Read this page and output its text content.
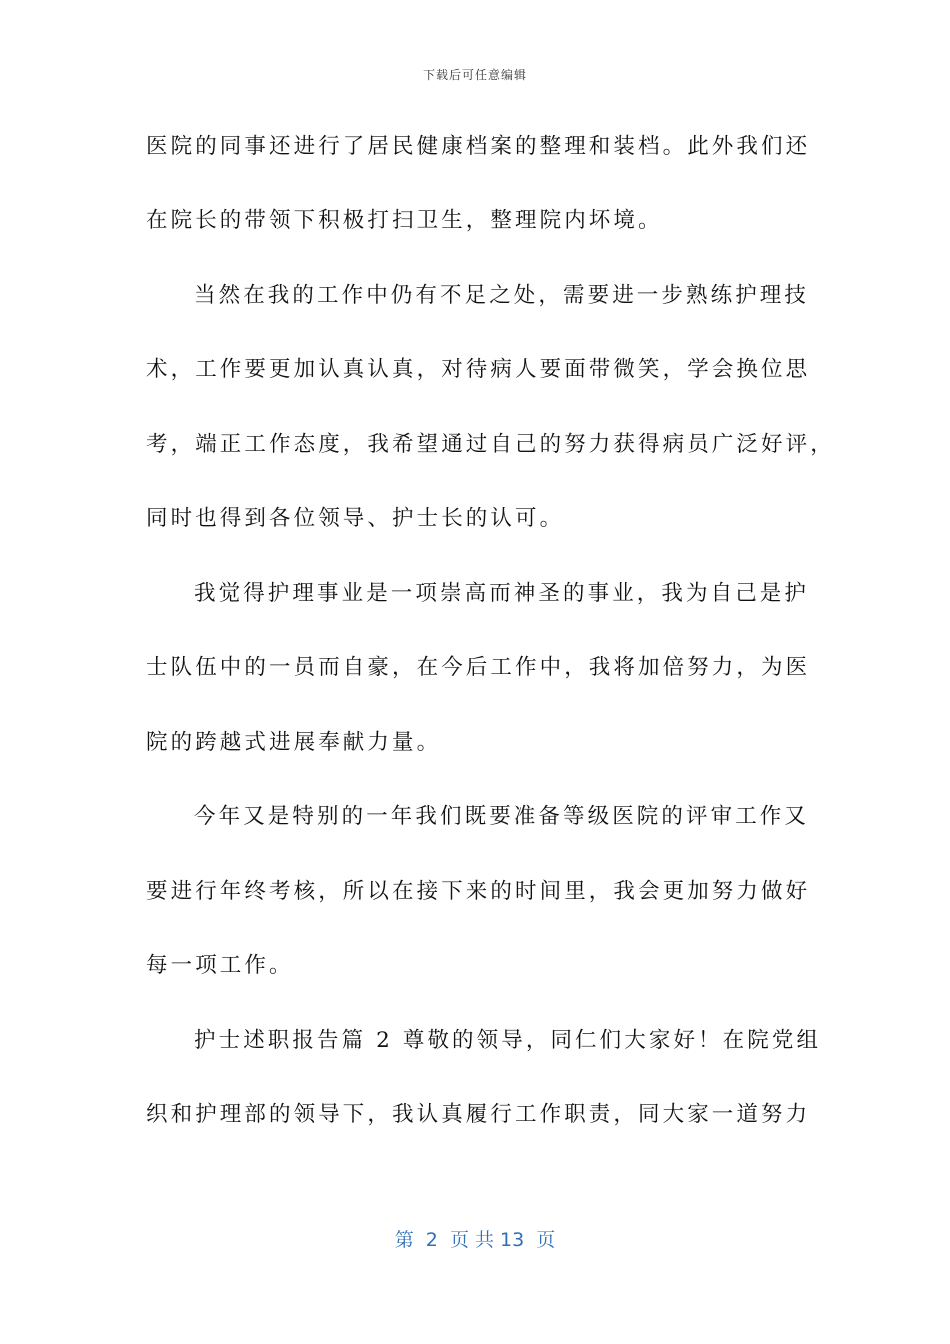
下载后可任意编辑
医院的同事还进行了居民健康档案的整理和装档。此外我们还
在院长的带领下积极打扫卫生，整理院内坏境。
当然在我的工作中仍有不足之处，需要进一步熟练护理技
术，工作要更加认真认真，对待病人要面带微笑，学会换位思
考，端正工作态度，我希望通过自己的努力获得病员广泛好评，
同时也得到各位领导、护士长的认可。
我觉得护理事业是一项崇高而神圣的事业，我为自己是护
士队伍中的一员而自豪，在今后工作中，我将加倍努力，为医
院的跨越式进展奉献力量。
今年又是特别的一年我们既要准备等级医院的评审工作又
要进行年终考核，所以在接下来的时间里，我会更加努力做好
每一项工作。
护士述职报告篇 2 尊敬的领导，同仁们大家好！在院党组
织和护理部的领导下，我认真履行工作职责，同大家一道努力
第  2  页 共 13  页
